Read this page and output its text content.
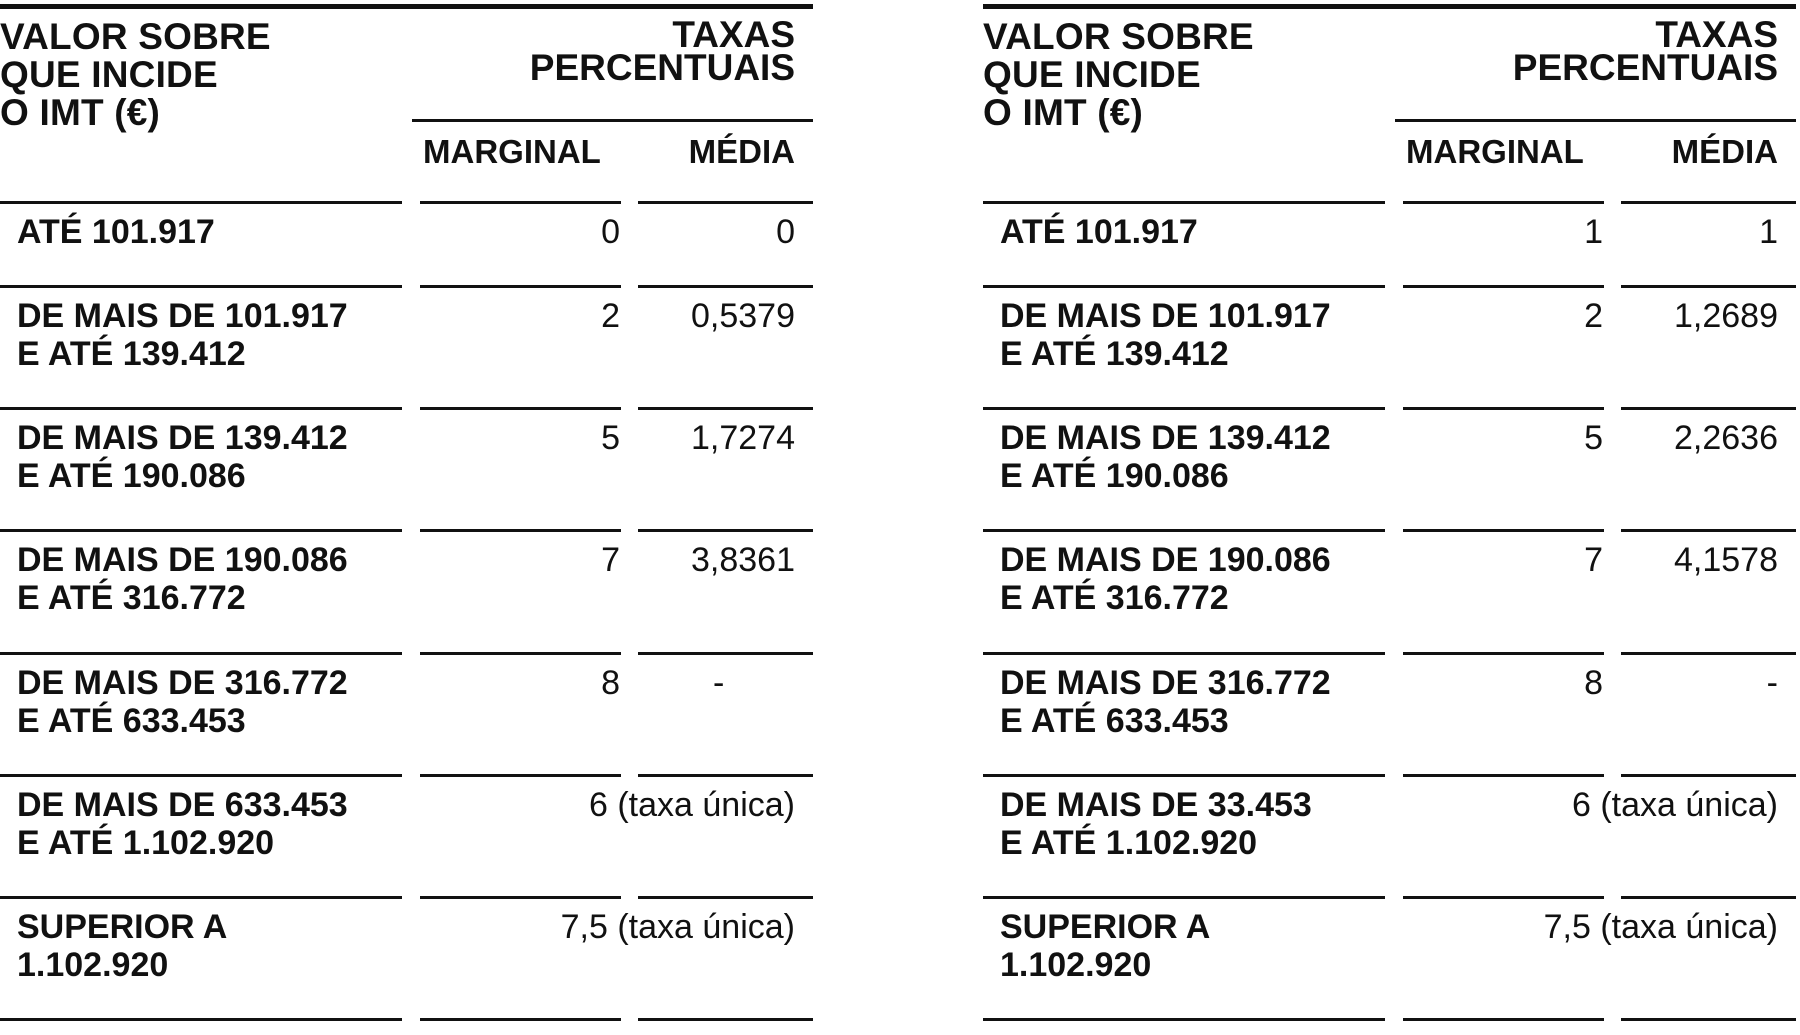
VALOR SOBRE
QUE INCIDE
O IMT (€)
TAXAS
PERCENTUAIS
MARGINAL	MÉDIA
ATÉ 101.917	0	0
DE MAIS DE 101.917
E ATÉ 139.412
2 0,5379
DE MAIS DE 139.412
E ATÉ 190.086
5 1,7274
DE MAIS DE 190.086
E ATÉ 316.772
7 3,8361
DE MAIS DE 316.772
E ATÉ 633.453
8	-
DE MAIS DE 633.453
E ATÉ 1.102.920
6 (taxa única)
SUPERIOR A
1.102.920
7,5 (taxa única)
VALOR SOBRE
QUE INCIDE
O IMT (€)
TAXAS
PERCENTUAIS
MARGINAL	MÉDIA
ATÉ 101.917	1	1
DE MAIS DE 101.917
E ATÉ 139.412
2 1,2689
DE MAIS DE 139.412
E ATÉ 190.086
5 2,2636
DE MAIS DE 190.086
E ATÉ 316.772
7 4,1578
DE MAIS DE 316.772
E ATÉ 633.453
8	-
DE MAIS DE 33.453
E ATÉ 1.102.920
6 (taxa única)
SUPERIOR A
1.102.920
7,5 (taxa única)
